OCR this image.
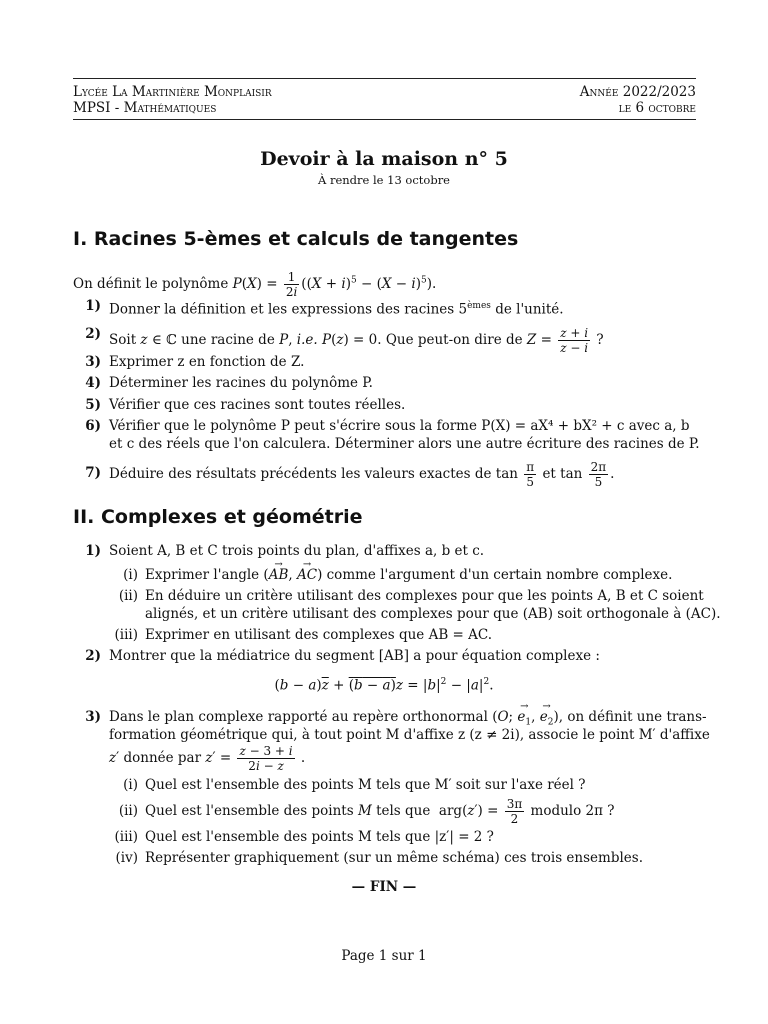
Lycée La Martinière Monplaisir	Année 2022/2023
MPSI - Mathématiques	le 6 octobre
Devoir à la maison n° 5
À rendre le 13 octobre
I. Racines 5-èmes et calculs de tangentes
On définit le polynôme $P(X) = \frac{1}{2i} ((X + i)^5 - (X - i)^5)$.
1) Donner la définition et les expressions des racines 5èmes de l'unité.
2) Soit z ∈ ℂ une racine de P, i.e. P(z) = 0. Que peut-on dire de $Z = \frac{z + i}{z - i}$ ?
3) Exprimer z en fonction de Z.
4) Déterminer les racines du polynôme P.
5) Vérifier que ces racines sont toutes réelles.
6) Vérifier que le polynôme P peut s'écrire sous la forme P(X) = aX⁴ + bX² + c avec a, b
et c des réels que l'on calculera. Déterminer alors une autre écriture des racines de P.
7) Déduire des résultats précédents les valeurs exactes de $\tan \frac{\pi}{5}$ et $\tan \frac{2\pi}{5}$ .
II. Complexes et géométrie
1) Soient A, B et C trois points du plan, d'affixes a, b et c.
(i) Exprimer l'angle (→ AB, → AC) comme l'argument d'un certain nombre complexe.
(ii) En déduire un critère utilisant des complexes pour que les points A, B et C soient
alignés, et un critère utilisant des complexes pour que (AB) soit orthogonale à (AC).
(iii) Exprimer en utilisant des complexes que AB = AC.
2) Montrer que la médiatrice du segment [AB] a pour équation complexe :
$(b - a)\overline{z} + (b - a)z = |b|^2 - |a|^2$.
3) Dans le plan complexe rapporté au repère orthonormal (O; → $e_1$, → $e_2$), on définit une trans-
formation géométrique qui, à tout point M d'affixe z (z ≠ 2i), associe le point M′ d'affixe
z′ donnée par $z' = \frac{z - 3 + i}{2i - z}$ .
(i) Quel est l'ensemble des points M tels que M′ soit sur l'axe réel ?
(ii) Quel est l'ensemble des points M tels que  $arg(z') = \frac{3\pi}{2}$ modulo 2π ?
(iii) Quel est l'ensemble des points M tels que |z′| = 2 ?
(iv) Représenter graphiquement (sur un même schéma) ces trois ensembles.
— FIN —
Page 1 sur 1
